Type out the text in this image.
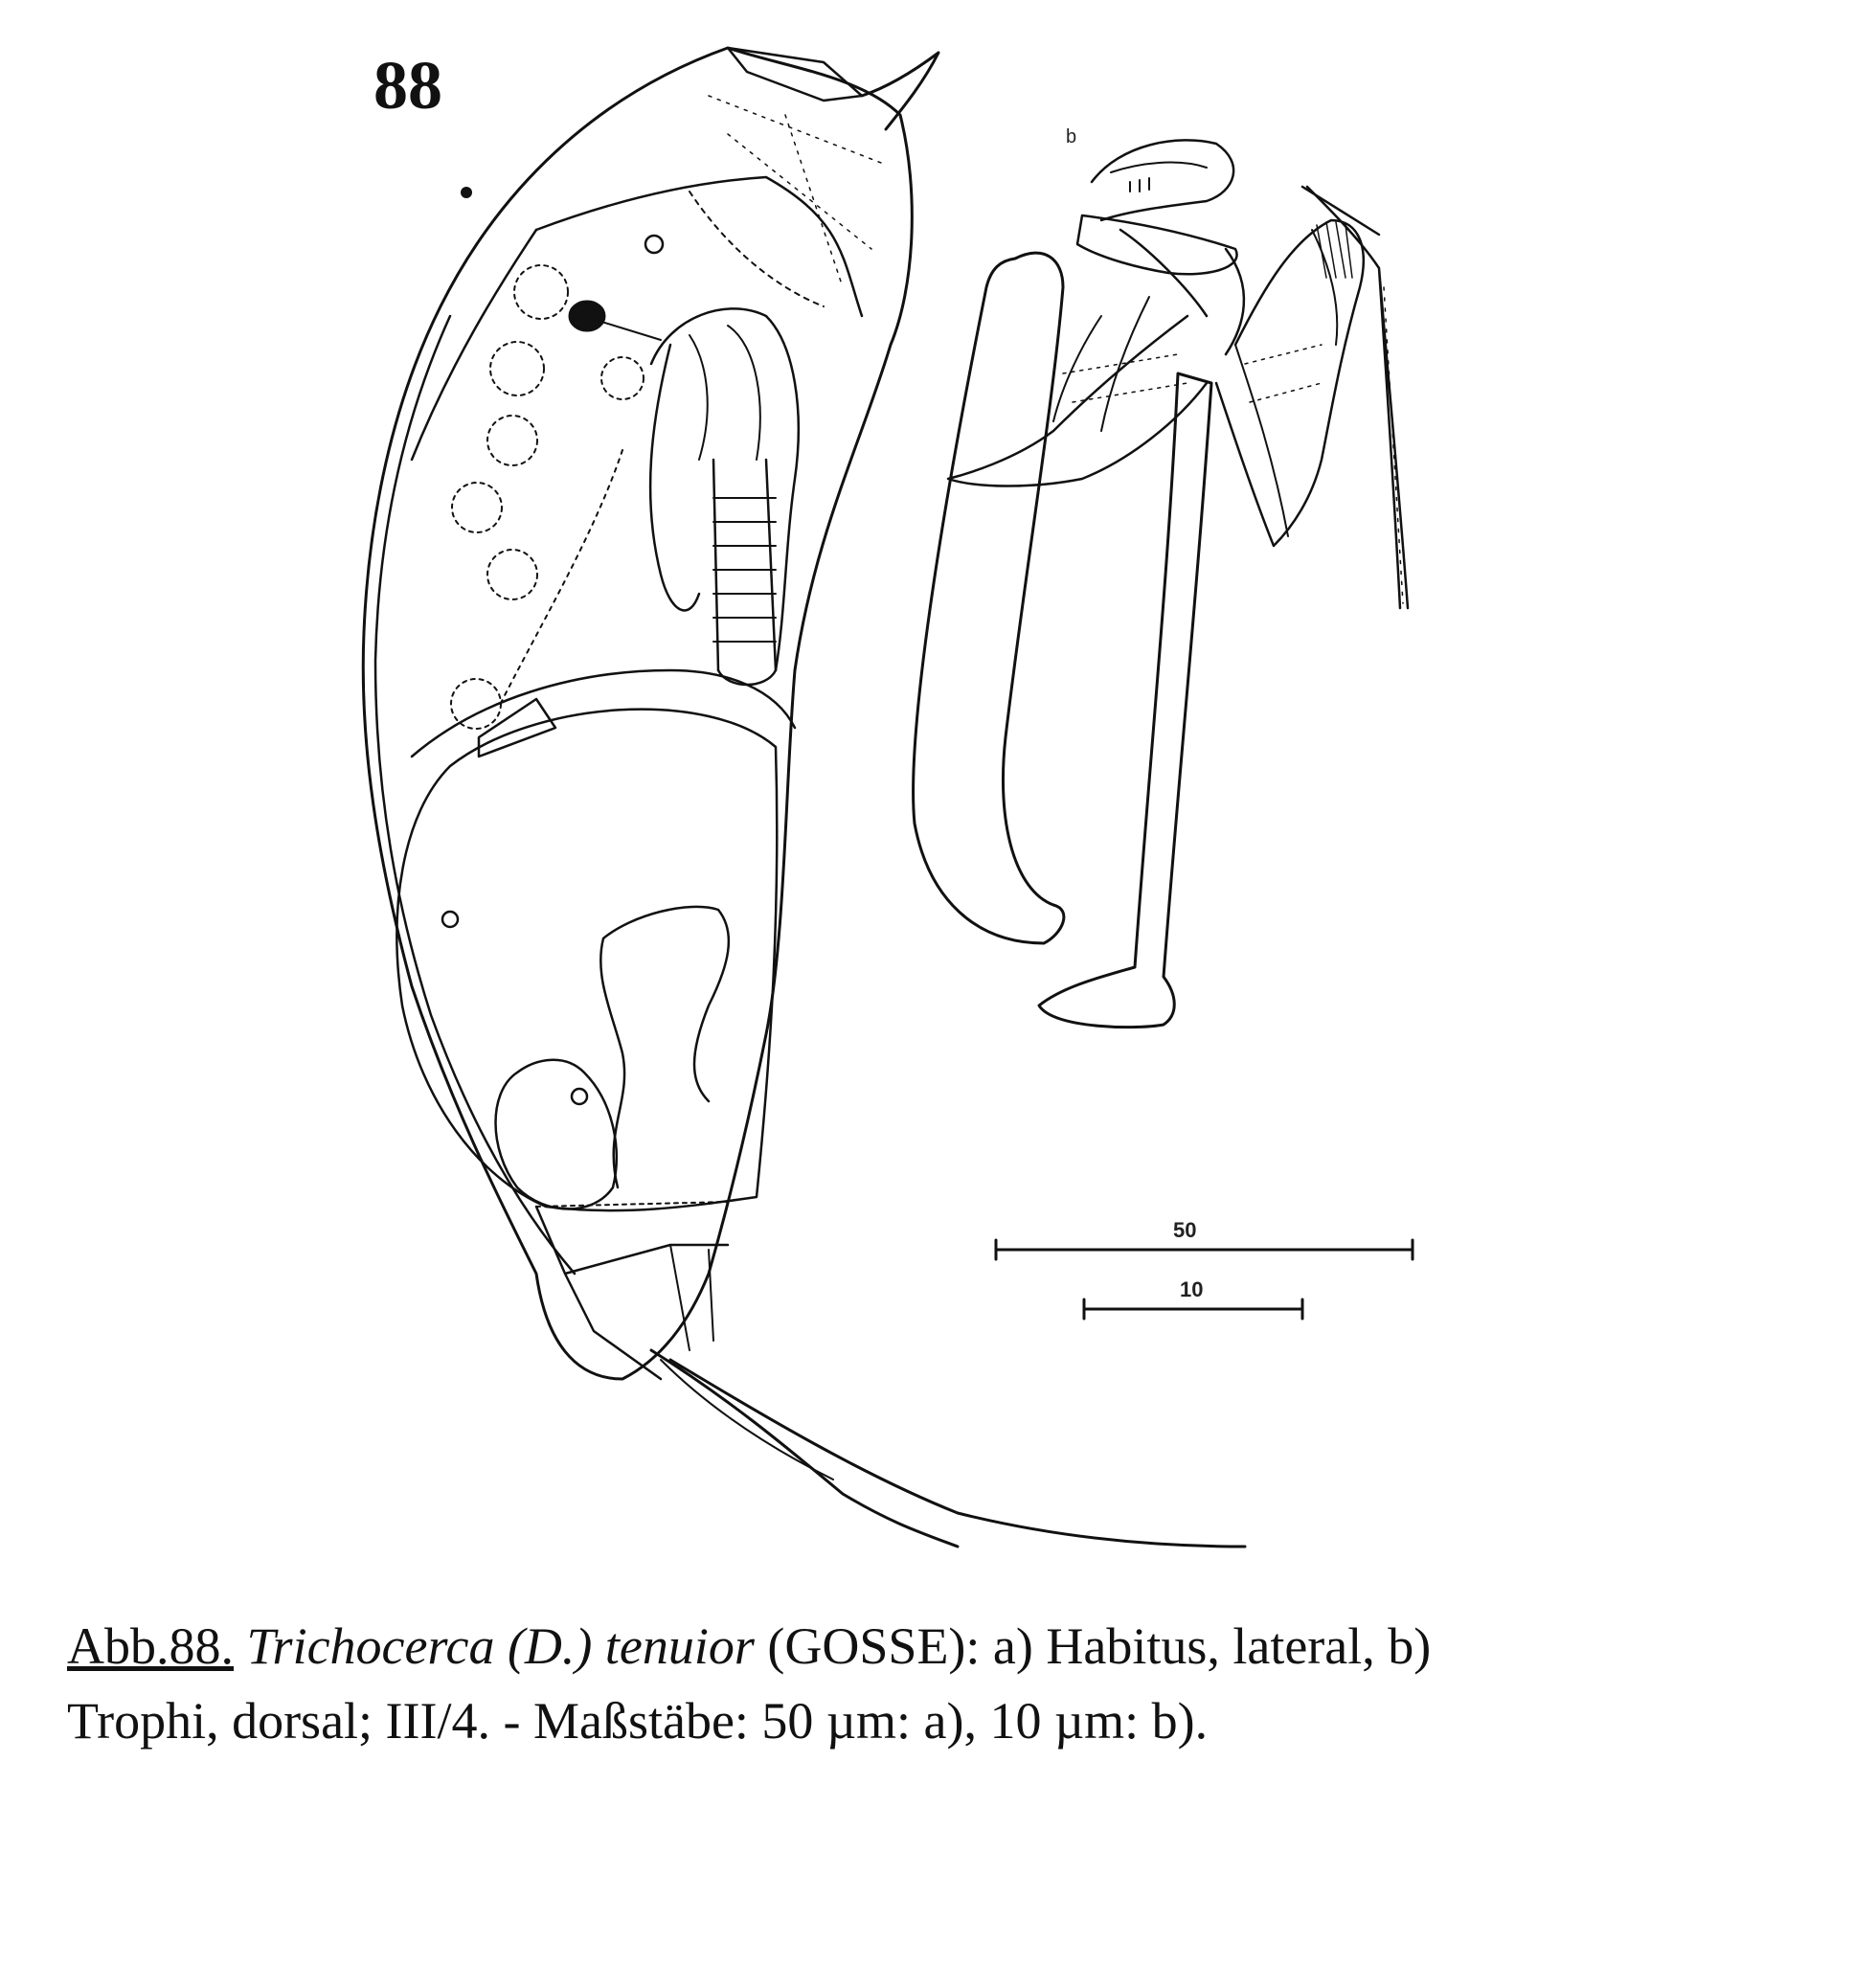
88
b
50
10
Abb.88. Trichocerca (D.) tenuior (GOSSE): a) Habitus, lateral, b)
Trophi, dorsal; III/4. - Maßstäbe: 50 µm: a), 10 µm: b).
